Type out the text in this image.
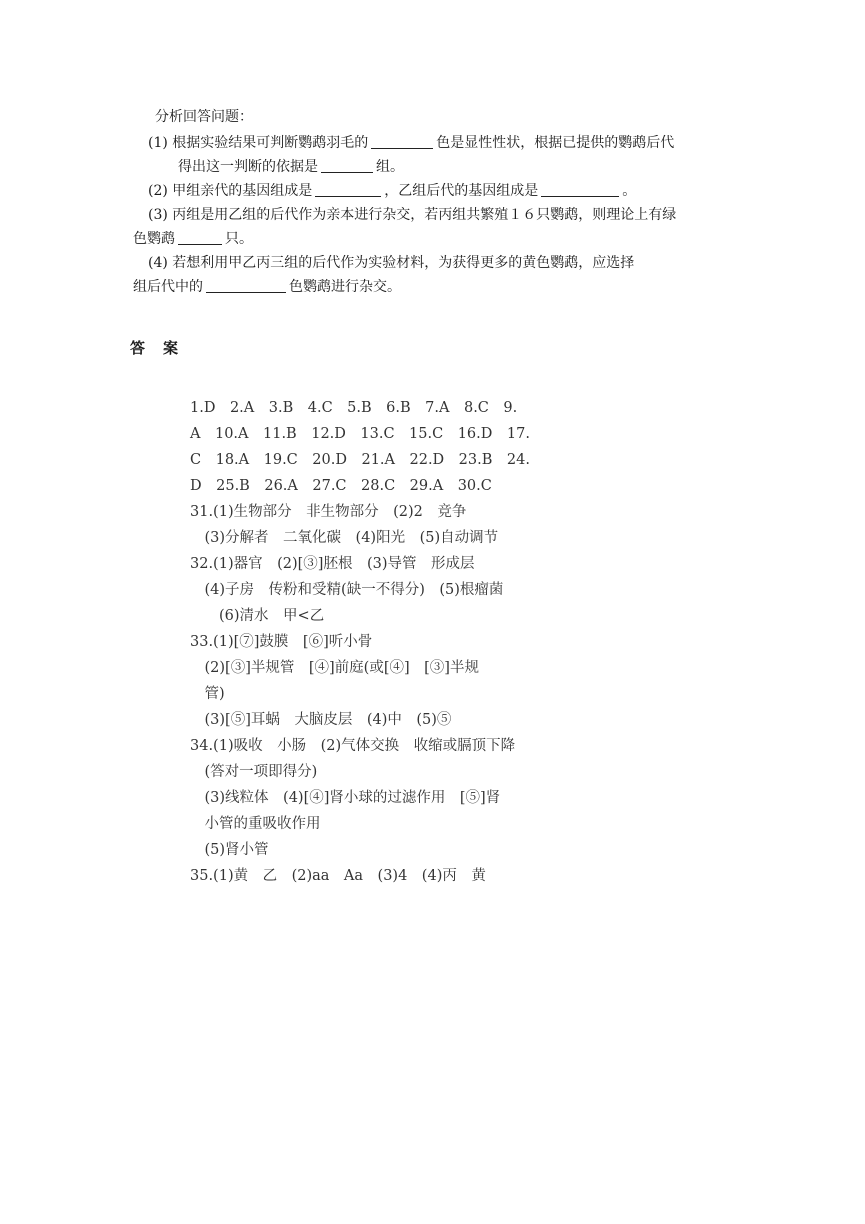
分析回答问题：
(1) 根据实验结果可判断鹦鹉羽毛的	色是显性性状，根据已提供的鹦鹉后代
得出这一判断的依据是	组。
(2) 甲组亲代的基因组成是	，乙组后代的基因组成是	。
(3) 丙组是用乙组的后代作为亲本进行杂交，若丙组共繁殖１６只鹦鹉，则理论上有绿
色鹦鹉	只。
(4) 若想利用甲乙丙三组的后代作为实验材料，为获得更多的黄色鹦鹉，应选择
组后代中的	色鹦鹉进行杂交。
答案
1.D　2.A　3.B　4.C　5.B　6.B　7.A　8.C　9.
A　10.A　11.B　12.D　13.C　15.C　16.D　17.
C　18.A　19.C　20.D　21.A　22.D　23.B　24.
D　25.B　26.A　27.C　28.C　29.A　30.C
31.(1)生物部分　非生物部分　(2)2　竞争
　(3)分解者　二氧化碳　(4)阳光　(5)自动调节
32.(1)器官　(2)[③]胚根　(3)导管　形成层
　(4)子房　传粉和受精(缺一不得分)　(5)根瘤菌
　　(6)清水　甲<乙
33.(1)[⑦]鼓膜　[⑥]听小骨
　(2)[③]半规管　[④]前庭(或[④]　[③]半规
　管)
　(3)[⑤]耳蜗　大脑皮层　(4)中　(5)⑤
34.(1)吸收　小肠　(2)气体交换　收缩或膈顶下降
　(答对一项即得分)
　(3)线粒体　(4)[④]肾小球的过滤作用　[⑤]肾
　小管的重吸收作用
　(5)肾小管
35.(1)黄　乙　(2)aa　Aa　(3)4　(4)丙　黄
